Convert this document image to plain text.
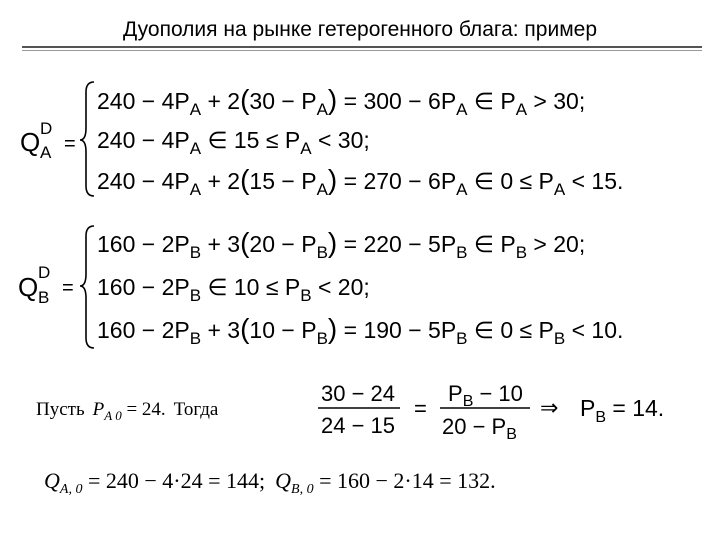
Дуополия на рынке гетерогенного блага: пример
Q D
A =
$240 - 4P_A + 2(30 - P_A) = 300 - 6P_A$ ∈ $P_A > 30$;
$240 - 4P_A$ ∈ $15 \le P_A < 30$;
$240 - 4P_A + 2(15 - P_A) = 270 - 6P_A$ ∈ $0 \le P_A < 15$.
Q D
B =
$160 - 2P_B + 3(20 - P_B) = 220 - 5P_B$ ∈ $P_B > 20$;
$160 - 2P_B$ ∈ $10 \le P_B < 20$;
$160 - 2P_B + 3(10 - P_B) = 190 - 5P_B$ ∈ $0 \le P_B < 10$.
Пусть $P_{A 0} = 24$. Тогда
30 − 24
24 − 15
=
$P_B - 10$
$20 - P_B$
⇒ $P_B = 14$.
$Q_{A, 0} = 240 - 4\cdot 24 = 144$; $Q_{B, 0} = 160 - 2\cdot 14 = 132$.
